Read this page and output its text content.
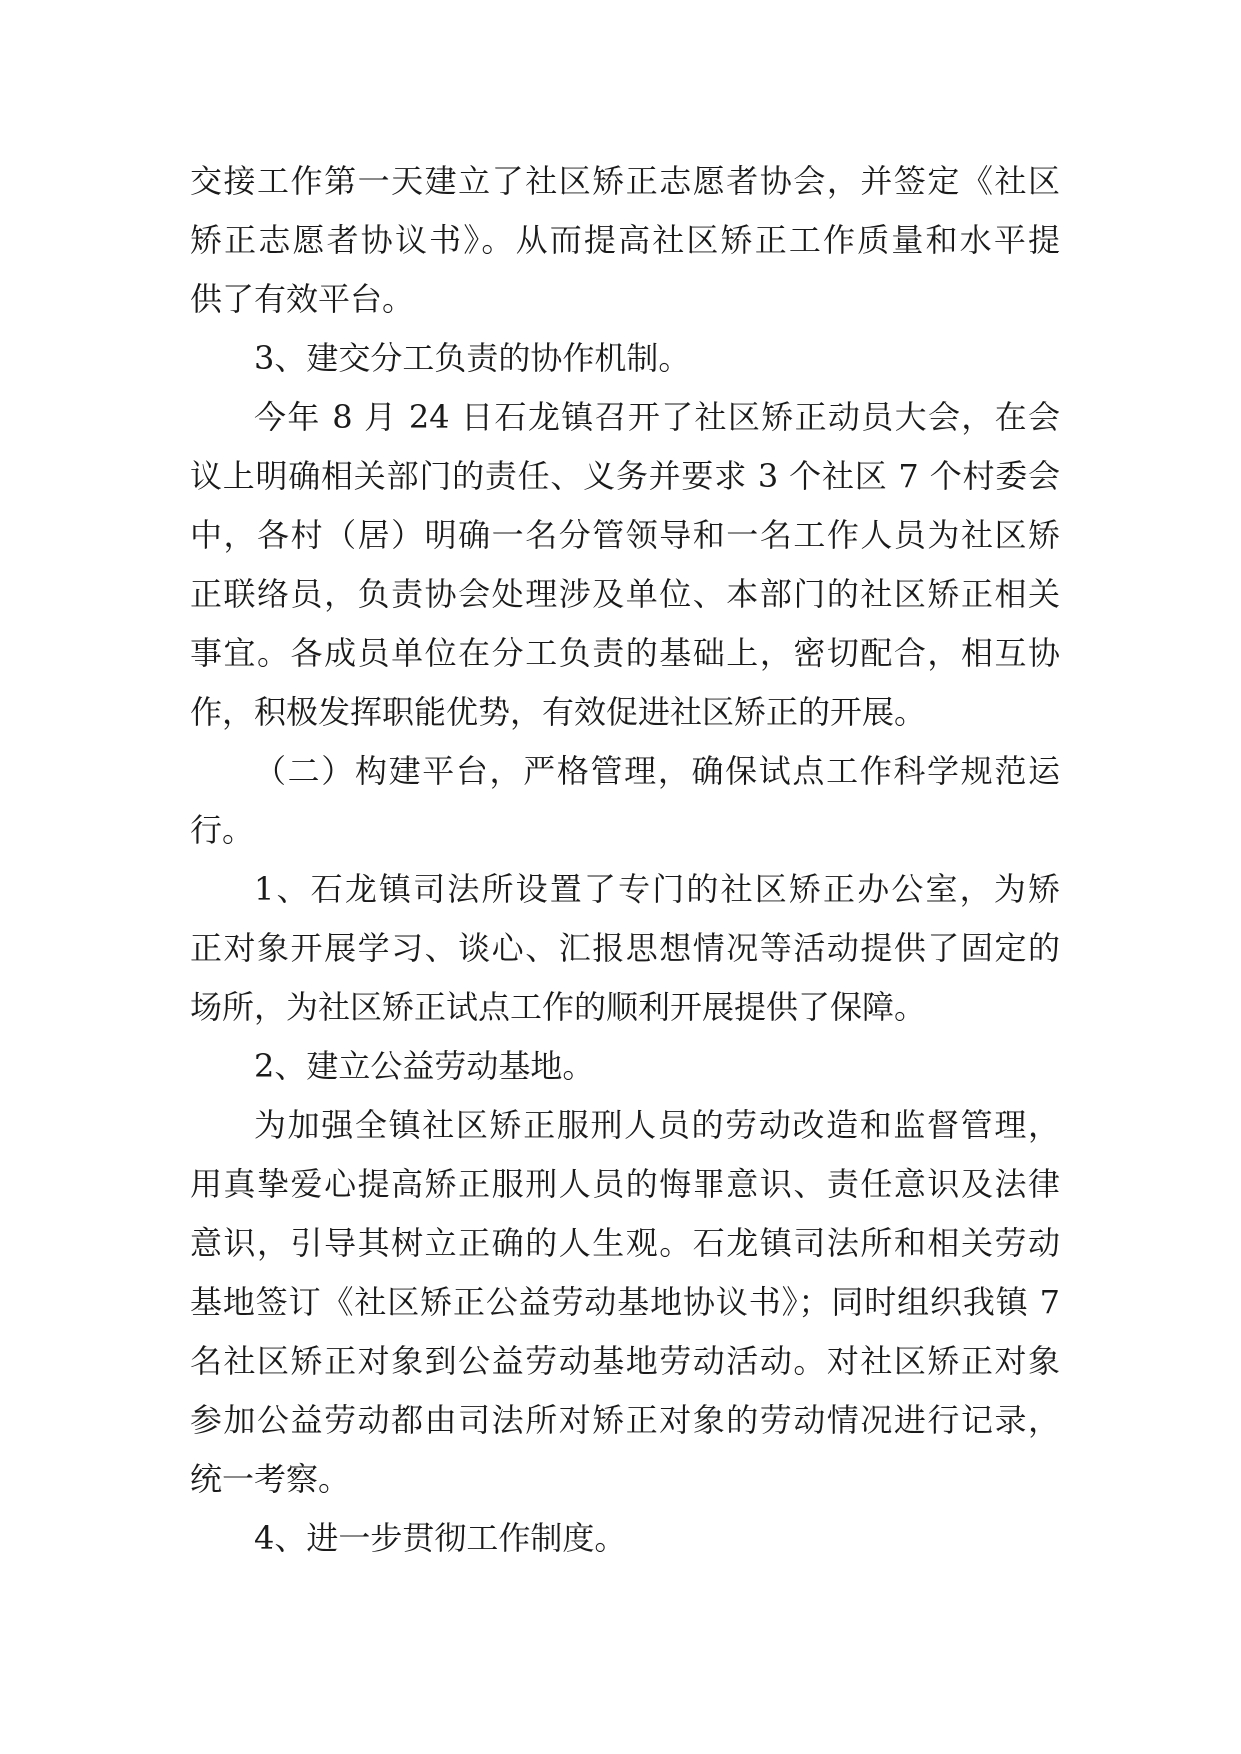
交接工作第一天建立了社区矫正志愿者协会，并签定《社区
矫正志愿者协议书》。从而提高社区矫正工作质量和水平提
供了有效平台。
3、建交分工负责的协作机制。
今年 8 月 24 日石龙镇召开了社区矫正动员大会，在会
议上明确相关部门的责任、义务并要求 3 个社区 7 个村委会
中，各村（居）明确一名分管领导和一名工作人员为社区矫
正联络员，负责协会处理涉及单位、本部门的社区矫正相关
事宜。各成员单位在分工负责的基础上，密切配合，相互协
作，积极发挥职能优势，有效促进社区矫正的开展。
（二）构建平台，严格管理，确保试点工作科学规范运
行。
1、石龙镇司法所设置了专门的社区矫正办公室，为矫
正对象开展学习、谈心、汇报思想情况等活动提供了固定的
场所，为社区矫正试点工作的顺利开展提供了保障。
2、建立公益劳动基地。
为加强全镇社区矫正服刑人员的劳动改造和监督管理，
用真挚爱心提高矫正服刑人员的悔罪意识、责任意识及法律
意识，引导其树立正确的人生观。石龙镇司法所和相关劳动
基地签订《社区矫正公益劳动基地协议书》；同时组织我镇 7
名社区矫正对象到公益劳动基地劳动活动。对社区矫正对象
参加公益劳动都由司法所对矫正对象的劳动情况进行记录，
统一考察。
4、进一步贯彻工作制度。
